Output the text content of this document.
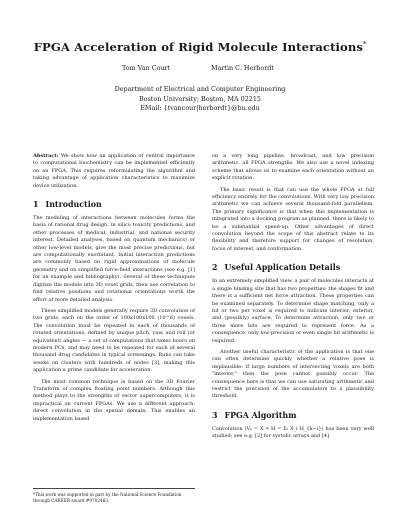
FPGA Acceleration of Rigid Molecule Interactions*
Tom Van Court	Martin C. Herbordt
Department of Electrical and Computer Engineering
Boston University; Boston, MA 02215
EMail: {tvancour|herbordt}@bu.edu

Abstract: We show how an application of central importance to computational biochemistry can be implemented efficiently on an FPGA. This requires reformulating the algorithm and taking advantage of application characteristics to maximize device utilization.

1 Introduction

The modeling of interactions between molecules forms the basis of rational drug design, in silico toxicity predictions, and other processes of medical, industrial, and national security interest. Detailed analyses, based on quantum mechanics) or other low-level models, give the most precise predictions, but are computationally exorbitant. Initial interaction predictions are commonly based on rigid approximations of molecule geometry and on simplified force-field interactions (see e.g. [1] for an example and bibliography). Several of these techniques digitize the models into 3D voxel grids, then use correlation to find relative positions and rotational orientations worth the effort of more detailed analysis.

These simplified models generally require 3D convolution of two grids, each on the order of 100x100x100 (10^6) voxels. The convolution must be repeated in each of thousands of rotated orientations, defined by unique pitch, yaw, and roll (or equivalent) angles — a set of computations that takes hours on modern PCs, and may need to be repeated for each of several thousand drug candidates in typical screenings. Runs can take weeks on clusters with hundreds of nodes [3], making this application a prime candidate for acceleration.

The most common technique is based on the 3D Fourier Transform of complex floating point numbers. Although this method plays to the strengths of vector supercomputers, it is impractical on current FPGAs. We use a different approach: direct convolution in the spatial domain. This enables an implementation based

*This work was supported in part by the National Science Foundation through CAREER award #9702483.

on a very long pipeline, broadcast, and low precision arithmetic, all FPGA strengths. We also use a novel indexing scheme that allows us to examine each orientation without an explicit rotation.

The basic result is that can use the whole FPGA at full efficiency entirely for the convolutions. With very low precision arithmetic we can achieve several thousand-fold parallelism. The primary significance is that when this implementation is integrated into a docking program as planned, there is likely to be a substantial speed-up. Other advantages of direct convolution beyond the scope of this abstract relate to its flexibility and therefore support for changes of resolution, focus of interest, and conformation.

2 Useful Application Details

In an extremely simplified view, a pair of molecules interacts at a single binding site that has two properties: the shapes fit and there is a sufficient net force attraction. These properties can be examined separately. To determine shape matching, only a bit or two per voxel is required to indicate interior, exterior, and (possibly) surface. To determine attraction, only two or three more bits are required to represent force. As a consequence, only low-precision or even single bit arithmetic is required.

Another useful characteristic of the application is that one can often determine quickly whether a relative pose is implausible: if large numbers of intersecting voxels are both "interior," then the pose cannot possibly occur. The consequence here is that we can use saturating arithmetic and restrict the precision of the accumulators to a plausibility threshold.

3 FPGA Algorithm

Convolution (Vₖ = X ∗ H = Σᵢ X_i H_{k−i}) has been very well studied; see e.g. [2] for systolic arrays and [4]
